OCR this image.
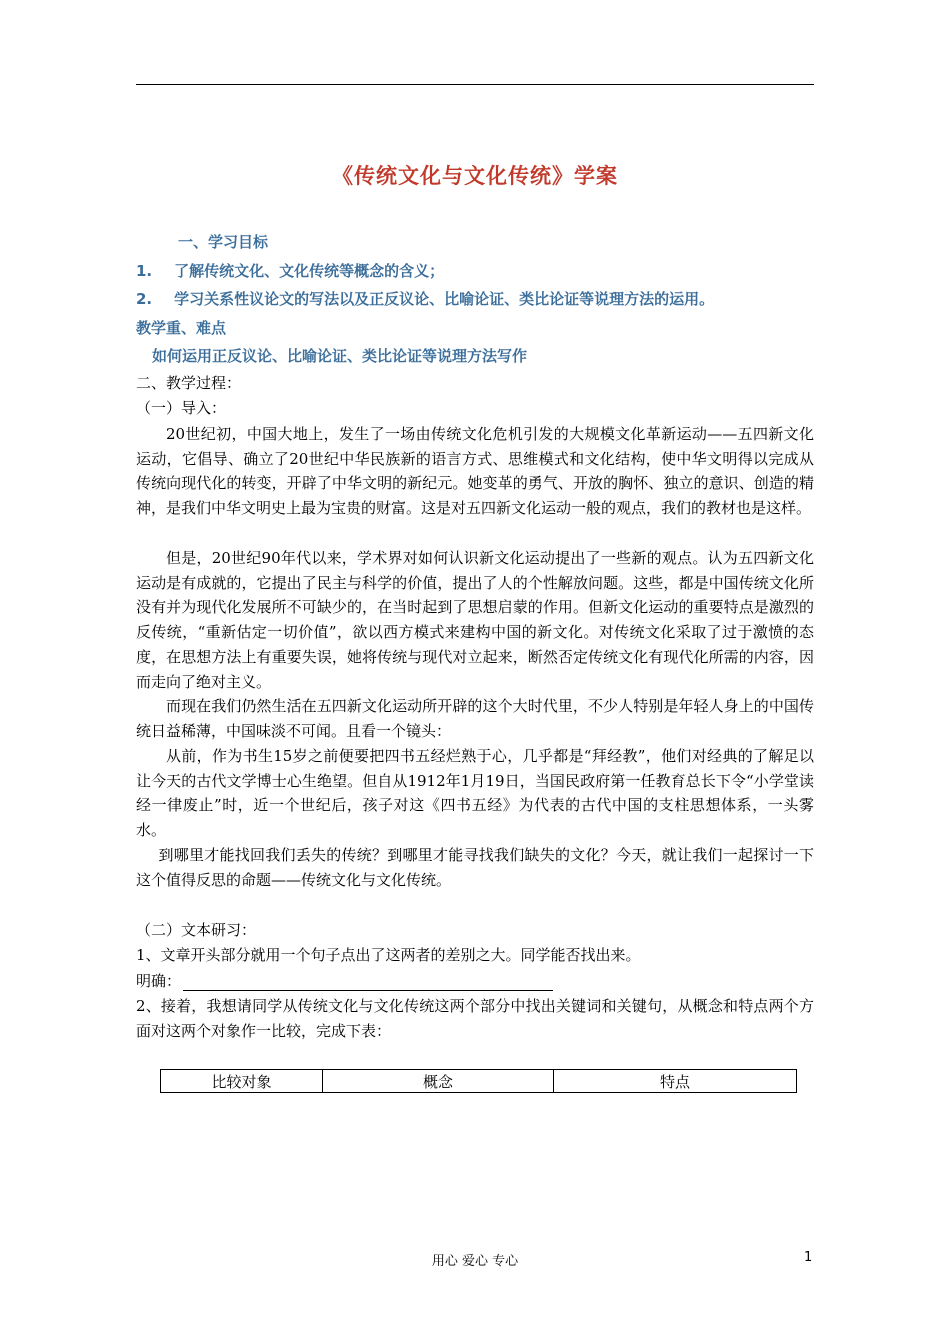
《传统文化与文化传统》学案
一、学习目标
1. 了解传统文化、文化传统等概念的含义；
2. 学习关系性议论文的写法以及正反议论、比喻论证、类比论证等说理方法的运用。
教学重、难点
如何运用正反议论、比喻论证、类比论证等说理方法写作
二、教学过程：
（一）导入：
20世纪初，中国大地上，发生了一场由传统文化危机引发的大规模文化革新运动——五四新文化运动，它倡导、确立了20世纪中华民族新的语言方式、思维模式和文化结构，使中华文明得以完成从传统向现代化的转变，开辟了中华文明的新纪元。她变革的勇气、开放的胸怀、独立的意识、创造的精神，是我们中华文明史上最为宝贵的财富。这是对五四新文化运动一般的观点，我们的教材也是这样。
但是，20世纪90年代以来，学术界对如何认识新文化运动提出了一些新的观点。认为五四新文化运动是有成就的，它提出了民主与科学的价值，提出了人的个性解放问题。这些，都是中国传统文化所没有并为现代化发展所不可缺少的，在当时起到了思想启蒙的作用。但新文化运动的重要特点是激烈的反传统，“重新估定一切价值”，欲以西方模式来建构中国的新文化。对传统文化采取了过于激愤的态度，在思想方法上有重要失误，她将传统与现代对立起来，断然否定传统文化有现代化所需的内容，因而走向了绝对主义。
而现在我们仍然生活在五四新文化运动所开辟的这个大时代里，不少人特别是年轻人身上的中国传统日益稀薄，中国味淡不可闻。且看一个镜头：
从前，作为书生15岁之前便要把四书五经烂熟于心，几乎都是“拜经教”，他们对经典的了解足以让今天的古代文学博士心生绝望。但自从1912年1月19日，当国民政府第一任教育总长下令“小学堂读经一律废止”时，近一个世纪后，孩子对这《四书五经》为代表的古代中国的支柱思想体系，一头雾水。
到哪里才能找回我们丢失的传统？到哪里才能寻找我们缺失的文化？今天，就让我们一起探讨一下这个值得反思的命题——传统文化与文化传统。
（二）文本研习：
1、文章开头部分就用一个句子点出了这两者的差别之大。同学能否找出来。
明确：
2、接着，我想请同学从传统文化与文化传统这两个部分中找出关键词和关键句，从概念和特点两个方面对这两个对象作一比较，完成下表：
比较对象	概念	特点
用心 爱心 专心	1
